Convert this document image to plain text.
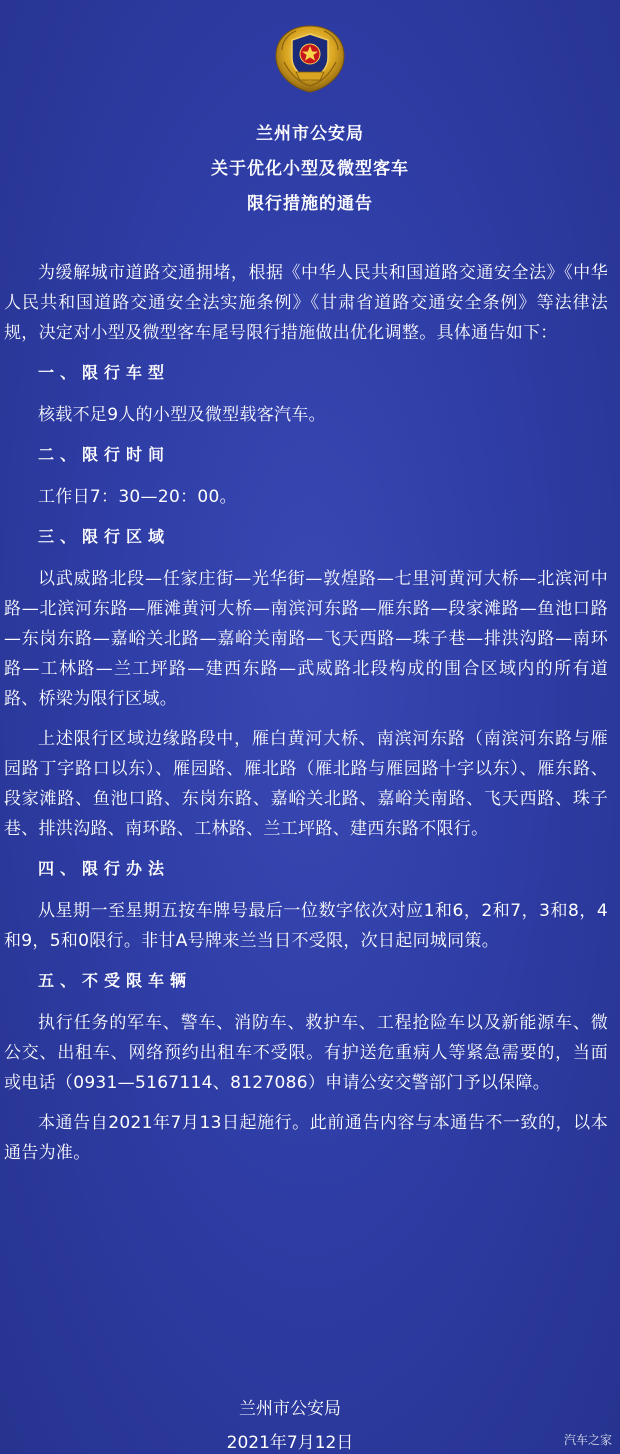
兰州市公安局
关于优化小型及微型客车
限行措施的通告

为缓解城市道路交通拥堵，根据《中华人民共和国道路交通安全法》《中华人民共和国道路交通安全法实施条例》《甘肃省道路交通安全条例》等法律法规，决定对小型及微型客车尾号限行措施做出优化调整。具体通告如下：

一、限行车型

核载不足9人的小型及微型载客汽车。

二、限行时间

工作日7：30—20：00。

三、限行区域

以武威路北段—任家庄街—光华街—敦煌路—七里河黄河大桥—北滨河中路—北滨河东路—雁滩黄河大桥—南滨河东路—雁东路—段家滩路—鱼池口路—东岗东路—嘉峪关北路—嘉峪关南路—飞天西路—珠子巷—排洪沟路—南环路—工林路—兰工坪路—建西东路—武威路北段构成的围合区域内的所有道路、桥梁为限行区域。

上述限行区域边缘路段中，雁白黄河大桥、南滨河东路（南滨河东路与雁园路丁字路口以东）、雁园路、雁北路（雁北路与雁园路十字以东）、雁东路、段家滩路、鱼池口路、东岗东路、嘉峪关北路、嘉峪关南路、飞天西路、珠子巷、排洪沟路、南环路、工林路、兰工坪路、建西东路不限行。

四、限行办法

从星期一至星期五按车牌号最后一位数字依次对应1和6，2和7，3和8，4和9，5和0限行。非甘A号牌来兰当日不受限，次日起同城同策。

五、不受限车辆

执行任务的军车、警车、消防车、救护车、工程抢险车以及新能源车、微公交、出租车、网络预约出租车不受限。有护送危重病人等紧急需要的，当面或电话（0931—5167114、8127086）申请公安交警部门予以保障。

本通告自2021年7月13日起施行。此前通告内容与本通告不一致的，以本通告为准。

兰州市公安局
2021年7月12日	汽车之家
